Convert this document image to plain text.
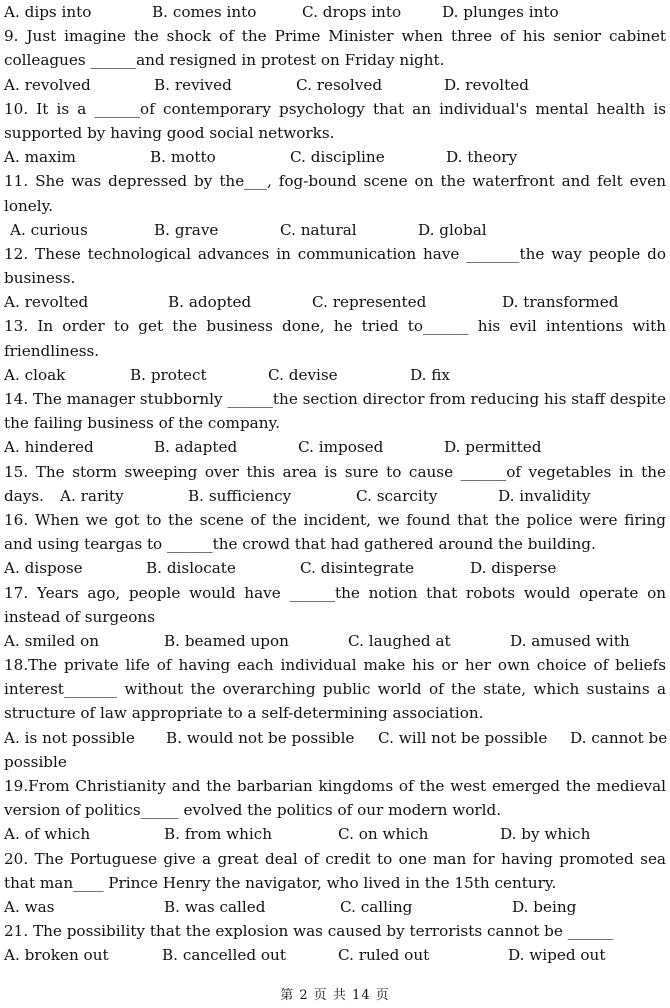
A. dips into	B. comes into	C. drops into	D. plunges into
9. Just imagine the shock of the Prime Minister when three of his senior cabinet
colleagues ______and resigned in protest on Friday night.
A. revolved	B. revived	C. resolved	D. revolted
10. It is a ______of contemporary psychology that an individual's mental health is
supported by having good social networks.
A. maxim	B. motto	C. discipline	D. theory
11. She was depressed by the___, fog-bound scene on the waterfront and felt even
lonely.
A. curious	B. grave	C. natural	D. global
12. These technological advances in communication have _______the way people do
business.
A. revolted	B. adopted	C. represented	D. transformed
13. In order to get the business done, he tried to______ his evil intentions with
friendliness.
A. cloak	B. protect	C. devise	D. fix
14. The manager stubbornly ______the section director from reducing his staff despite
the failing business of the company.
A. hindered	B. adapted	C. imposed	D. permitted
15. The storm sweeping over this area is sure to cause ______of vegetables in the
days. A. rarity	B. sufficiency	C. scarcity	D. invalidity
16. When we got to the scene of the incident, we found that the police were firing
and using teargas to ______the crowd that had gathered around the building.
A. dispose	B. dislocate	C. disintegrate	D. disperse
17. Years ago, people would have ______the notion that robots would operate on
instead of surgeons
A. smiled on	B. beamed upon	C. laughed at	D. amused with
18.The private life of having each individual make his or her own choice of beliefs
interest_______ without the overarching public world of the state, which sustains a
structure of law appropriate to a self-determining association.
A. is not possible B. would not be possible C. will not be possible D. cannot be
possible
19.From Christianity and the barbarian kingdoms of the west emerged the medieval
version of politics_____ evolved the politics of our modern world.
A. of which	B. from which	C. on which	D. by which
20. The Portuguese give a great deal of credit to one man for having promoted sea
that man____ Prince Henry the navigator, who lived in the 15th century.
A. was	B. was called	C. calling	D. being
21. The possibility that the explosion was caused by terrorists cannot be ______
A. broken out	B. cancelled out	C. ruled out	D. wiped out
第 2 页 共 14 页
